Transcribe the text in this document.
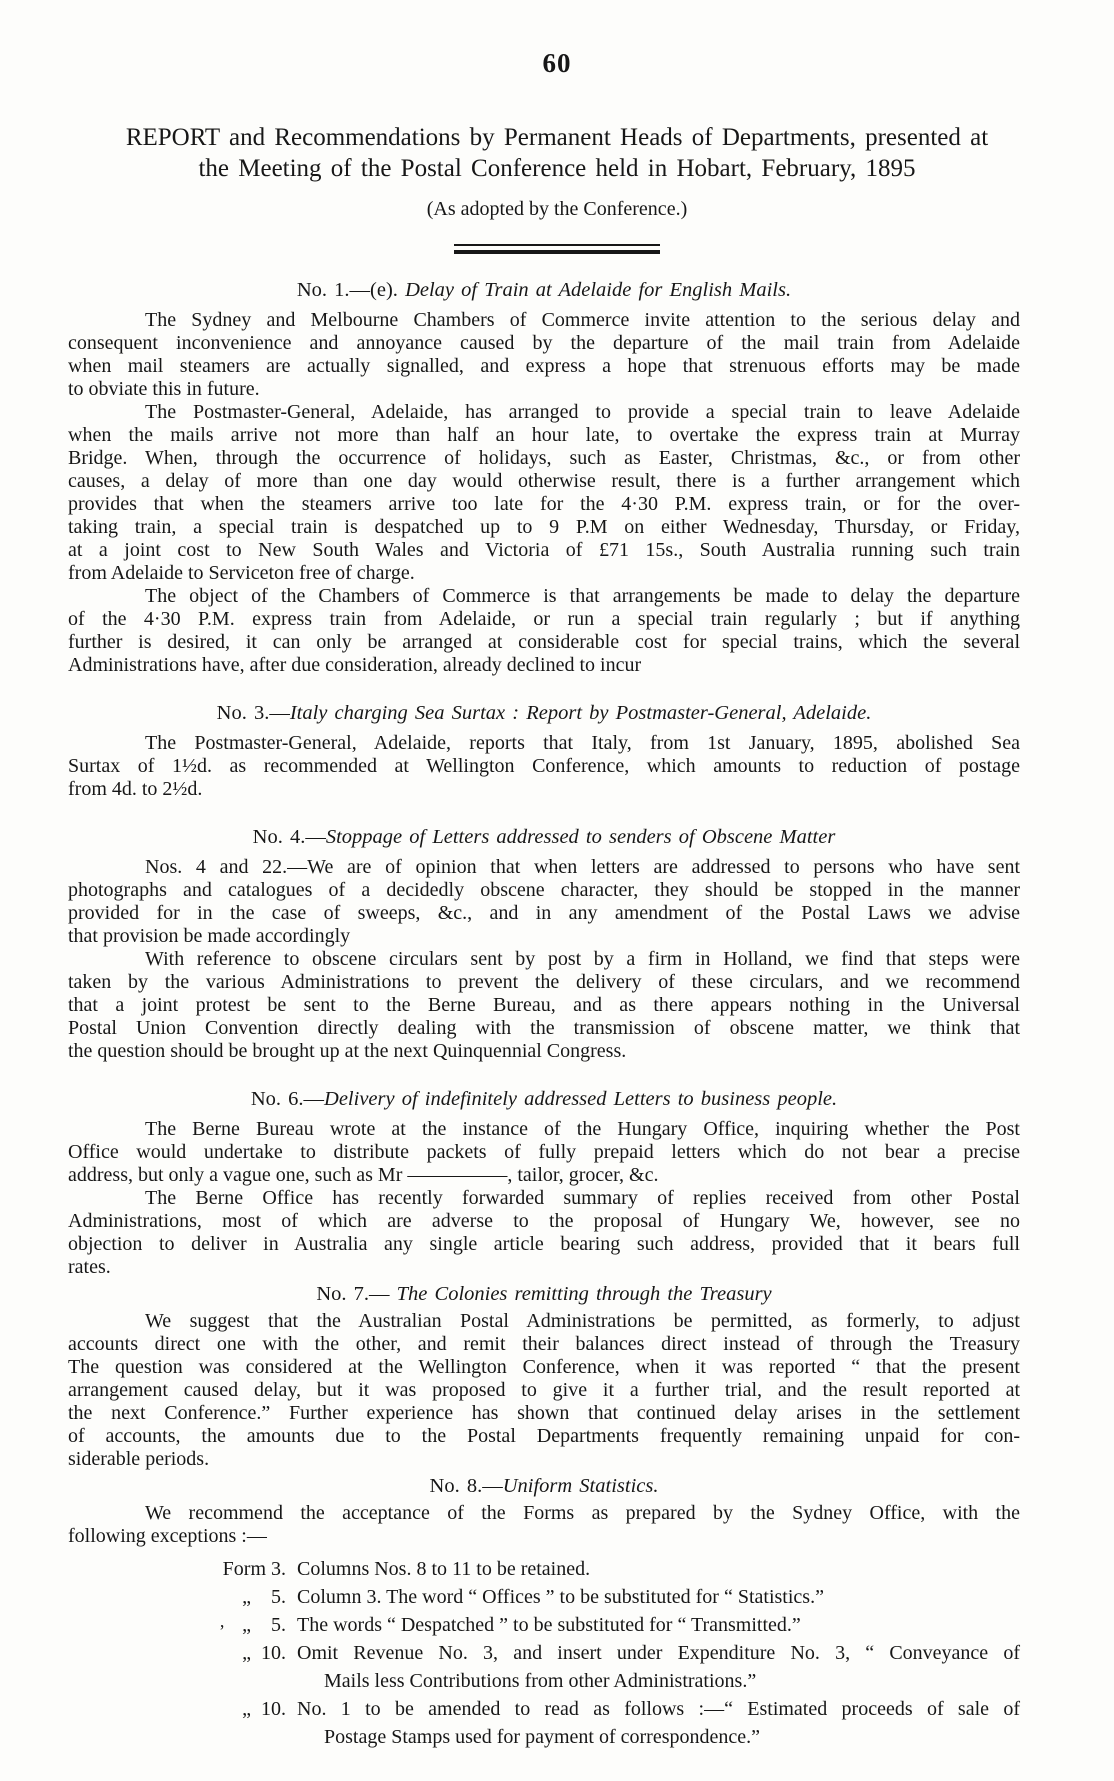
60
REPORT and Recommendations by Permanent Heads of Departments, presented at
the Meeting of the Postal Conference held in Hobart, February, 1895
(As adopted by the Conference.)
No. 1.—(e). Delay of Train at Adelaide for English Mails.
The Sydney and Melbourne Chambers of Commerce invite attention to the serious delay and
consequent inconvenience and annoyance caused by the departure of the mail train from Adelaide
when mail steamers are actually signalled, and express a hope that strenuous efforts may be made
to obviate this in future.
The Postmaster-General, Adelaide, has arranged to provide a special train to leave Adelaide
when the mails arrive not more than half an hour late, to overtake the express train at Murray
Bridge. When, through the occurrence of holidays, such as Easter, Christmas, &c., or from other
causes, a delay of more than one day would otherwise result, there is a further arrangement which
provides that when the steamers arrive too late for the 4·30 P.M. express train, or for the over-
taking train, a special train is despatched up to 9 P.M on either Wednesday, Thursday, or Friday,
at a joint cost to New South Wales and Victoria of £71 15s., South Australia running such train
from Adelaide to Serviceton free of charge.
The object of the Chambers of Commerce is that arrangements be made to delay the departure
of the 4·30 P.M. express train from Adelaide, or run a special train regularly ; but if anything
further is desired, it can only be arranged at considerable cost for special trains, which the several
Administrations have, after due consideration, already declined to incur
No. 3.—Italy charging Sea Surtax : Report by Postmaster-General, Adelaide.
The Postmaster-General, Adelaide, reports that Italy, from 1st January, 1895, abolished Sea
Surtax of 1½d. as recommended at Wellington Conference, which amounts to reduction of postage
from 4d. to 2½d.
No. 4.—Stoppage of Letters addressed to senders of Obscene Matter
Nos. 4 and 22.—We are of opinion that when letters are addressed to persons who have sent
photographs and catalogues of a decidedly obscene character, they should be stopped in the manner
provided for in the case of sweeps, &c., and in any amendment of the Postal Laws we advise
that provision be made accordingly
With reference to obscene circulars sent by post by a firm in Holland, we find that steps were
taken by the various Administrations to prevent the delivery of these circulars, and we recommend
that a joint protest be sent to the Berne Bureau, and as there appears nothing in the Universal
Postal Union Convention directly dealing with the transmission of obscene matter, we think that
the question should be brought up at the next Quinquennial Congress.
No. 6.—Delivery of indefinitely addressed Letters to business people.
The Berne Bureau wrote at the instance of the Hungary Office, inquiring whether the Post
Office would undertake to distribute packets of fully prepaid letters which do not bear a precise
address, but only a vague one, such as Mr —————, tailor, grocer, &c.
The Berne Office has recently forwarded summary of replies received from other Postal
Administrations, most of which are adverse to the proposal of Hungary We, however, see no
objection to deliver in Australia any single article bearing such address, provided that it bears full
rates.
No. 7.— The Colonies remitting through the Treasury
We suggest that the Australian Postal Administrations be permitted, as formerly, to adjust
accounts direct one with the other, and remit their balances direct instead of through the Treasury
The question was considered at the Wellington Conference, when it was reported “ that the present
arrangement caused delay, but it was proposed to give it a further trial, and the result reported at
the next Conference.” Further experience has shown that continued delay arises in the settlement
of accounts, the amounts due to the Postal Departments frequently remaining unpaid for con-
siderable periods.
No. 8.—Uniform Statistics.
We recommend the acceptance of the Forms as prepared by the Sydney Office, with the
following exceptions :—
Form 3. Columns Nos. 8 to 11 to be retained.
„    5. Column 3. The word “ Offices ” to be substituted for “ Statistics.”
„    5. The words “ Despatched ” to be substituted for “ Transmitted.”
„  10. Omit Revenue No. 3, and insert under Expenditure No. 3, “ Conveyance of
Mails less Contributions from other Administrations.”
„  10. No. 1 to be amended to read as follows :—“ Estimated proceeds of sale of
Postage Stamps used for payment of correspondence.”
’
